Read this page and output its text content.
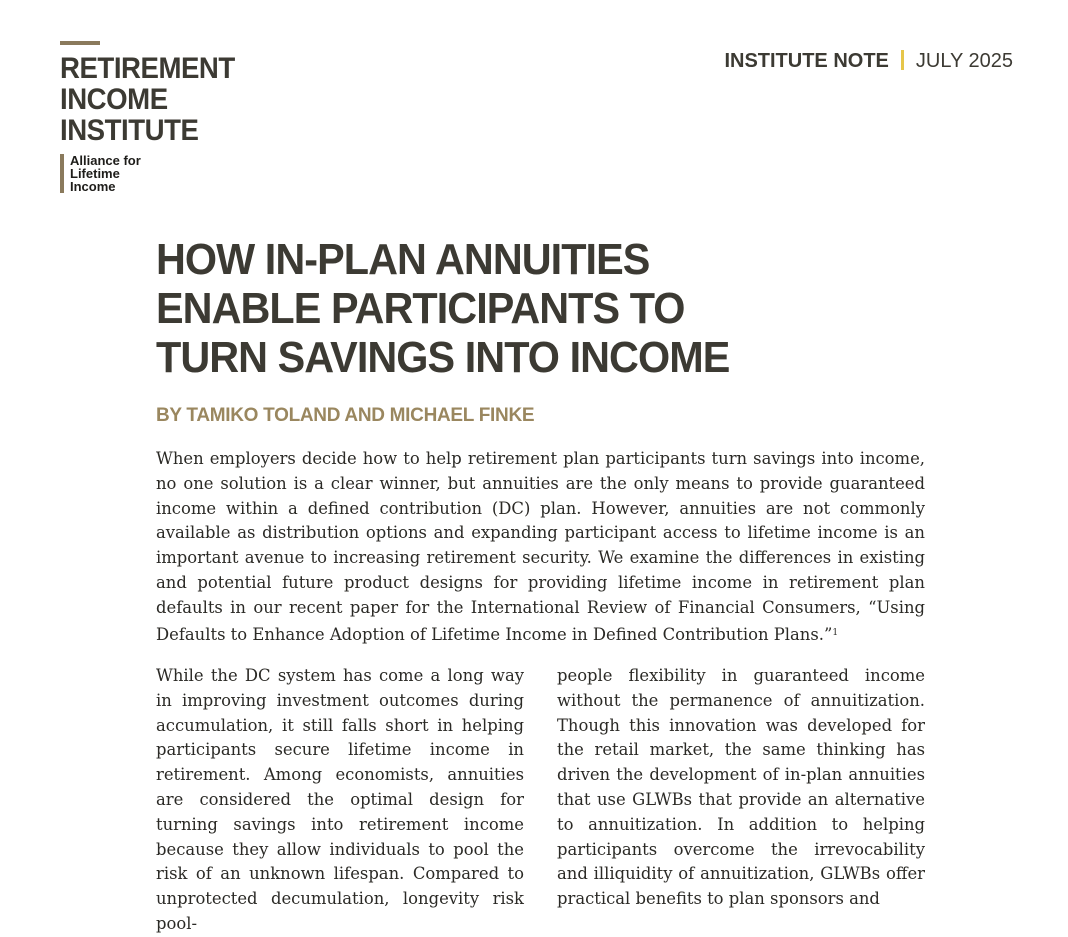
RETIREMENT
INCOME
INSTITUTE
Alliance for
Lifetime
Income
INSTITUTE NOTE JULY 2025
HOW IN-PLAN ANNUITIES
ENABLE PARTICIPANTS TO
TURN SAVINGS INTO INCOME
BY TAMIKO TOLAND AND MICHAEL FINKE

When employers decide how to help retirement plan participants turn savings into income, no one solution is a clear winner, but annuities are the only means to provide guaranteed income within a defined contribution (DC) plan. However, annuities are not commonly available as distribution options and expanding participant access to lifetime income is an important avenue to increasing retirement security. We examine the differences in existing and potential future product designs for providing lifetime income in retirement plan defaults in our recent paper for the International Review of Financial Consumers, “Using Defaults to Enhance Adoption of Lifetime Income in Defined Contribution Plans.”$^1$

While the DC system has come a long way in improving investment outcomes during accumulation, it still falls short in helping participants secure lifetime income in retirement. Among economists, annuities are considered the optimal design for turning savings into retirement income because they allow individuals to pool the risk of an unknown lifespan. Compared to unprotected decumulation, longevity risk pool-

people flexibility in guaranteed income without the permanence of annuitization. Though this innovation was developed for the retail market, the same thinking has driven the development of in-plan annuities that use GLWBs that provide an alternative to annuitization. In addition to helping participants overcome the irrevocability and illiquidity of annuitization, GLWBs offer practical benefits to plan sponsors and
